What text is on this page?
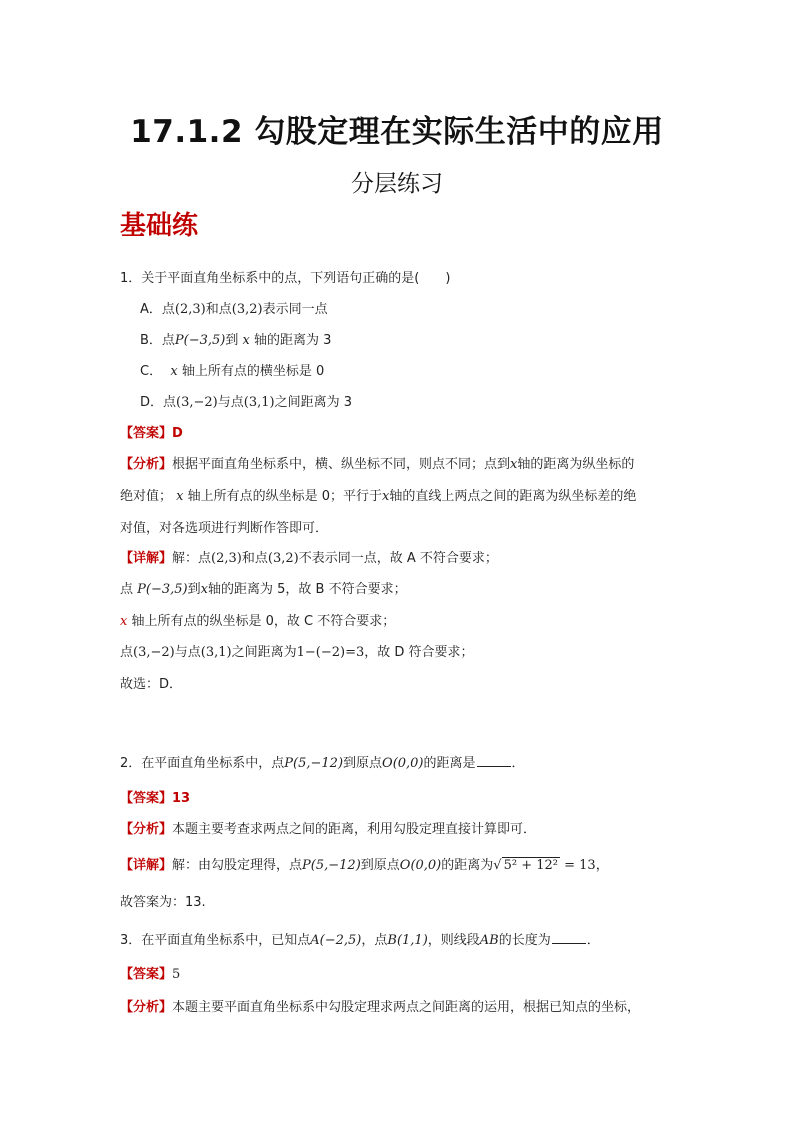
17.1.2 勾股定理在实际生活中的应用
分层练习
基础练
1．关于平面直角坐标系中的点，下列语句正确的是(　　)
A．点(2,3)和点(3,2)表示同一点
B．点P(−3,5)到 x 轴的距离为 3
C． x 轴上所有点的横坐标是 0
D．点(3,−2)与点(3,1)之间距离为 3
【答案】D
【分析】根据平面直角坐标系中，横、纵坐标不同，则点不同；点到x轴的距离为纵坐标的
绝对值； x 轴上所有点的纵坐标是 0；平行于x轴的直线上两点之间的距离为纵坐标差的绝
对值，对各选项进行判断作答即可．
【详解】解：点(2,3)和点(3,2)不表示同一点，故 A 不符合要求；
点 P(−3,5)到x轴的距离为 5，故 B 不符合要求；
x 轴上所有点的纵坐标是 0，故 C 不符合要求；
点(3,−2)与点(3,1)之间距离为1−(−2)=3，故 D 符合要求；
故选：D．
2．在平面直角坐标系中，点P(5,−12)到原点O(0,0)的距离是	．
【答案】13
【分析】本题主要考查求两点之间的距离，利用勾股定理直接计算即可．
【详解】解：由勾股定理得，点P(5,−12)到原点O(0,0)的距离为√ 5² + 12² = 13，
故答案为：13.
3．在平面直角坐标系中，已知点A(−2,5)，点B(1,1)，则线段AB的长度为	．
【答案】5
【分析】本题主要平面直角坐标系中勾股定理求两点之间距离的运用，根据已知点的坐标，
